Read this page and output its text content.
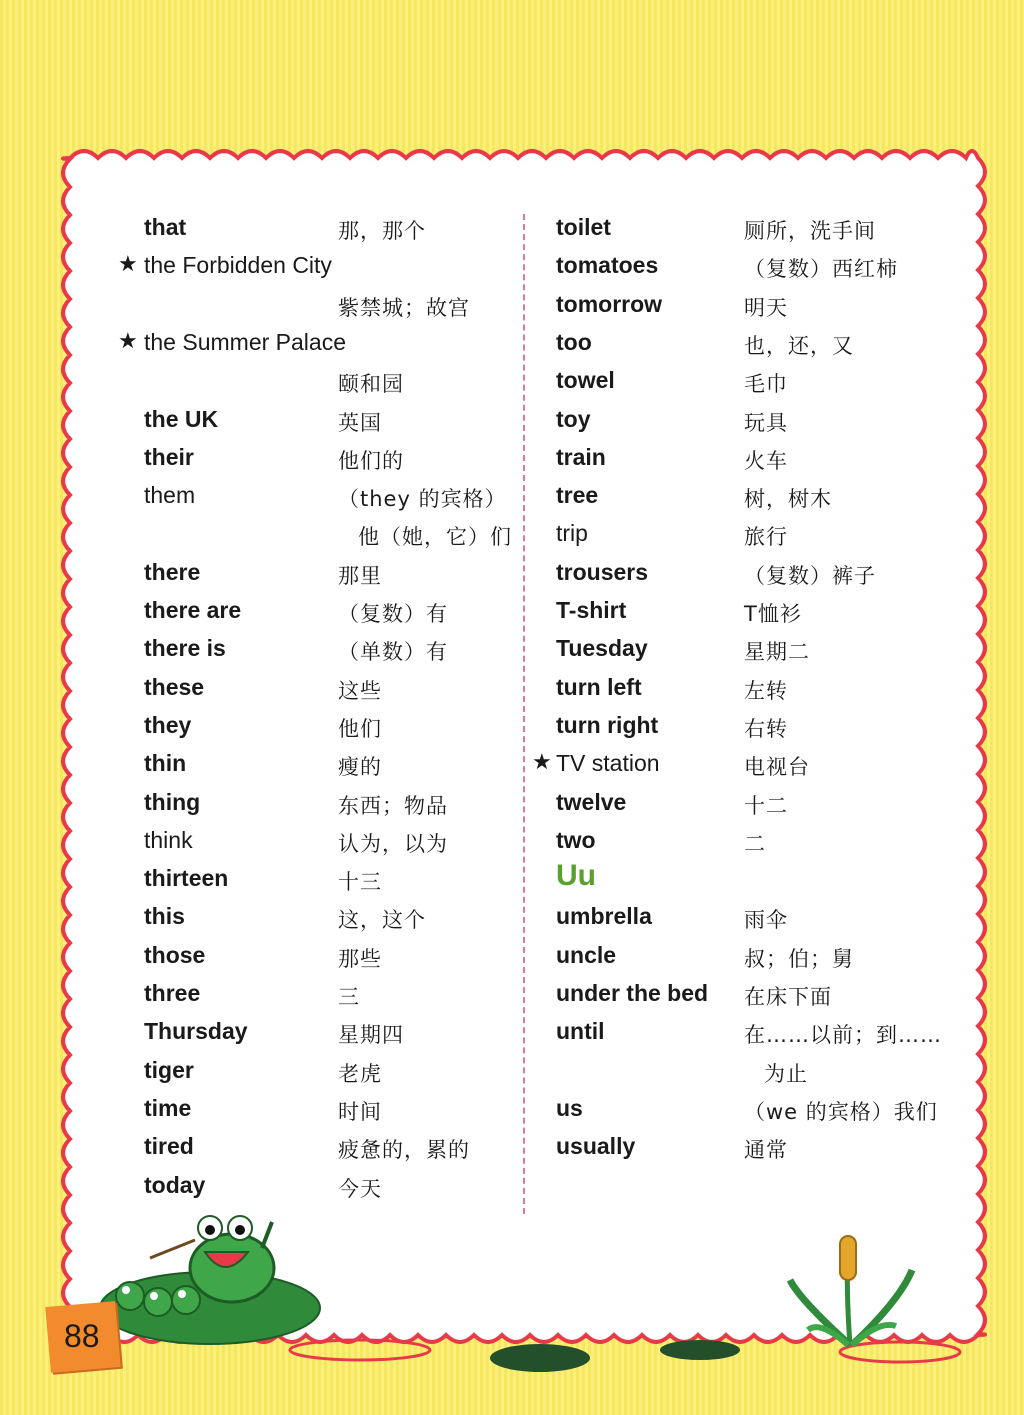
that	那，那个
★ the Forbidden City
紫禁城；故宫
★ the Summer Palace
颐和园
the UK	英国
their	他们的
them	（they 的宾格）
他（她，它）们
there	那里
there are	（复数）有
there is	（单数）有
these	这些
they	他们
thin	瘦的
thing	东西；物品
think	认为，以为
thirteen	十三
this	这，这个
those	那些
three	三
Thursday	星期四
tiger	老虎
time	时间
tired	疲惫的，累的
today	今天
toilet	厕所，洗手间
tomatoes	（复数）西红柿
tomorrow	明天
too	也，还，又
towel	毛巾
toy	玩具
train	火车
tree	树，树木
trip	旅行
trousers	（复数）裤子
T-shirt	T恤衫
Tuesday	星期二
turn left	左转
turn right	右转
★ TV station	电视台
twelve	十二
two	二
Uu
umbrella	雨伞
uncle	叔；伯；舅
under the bed 在床下面
until	在……以前；到……
为止
us	（we 的宾格）我们
usually	通常
88
